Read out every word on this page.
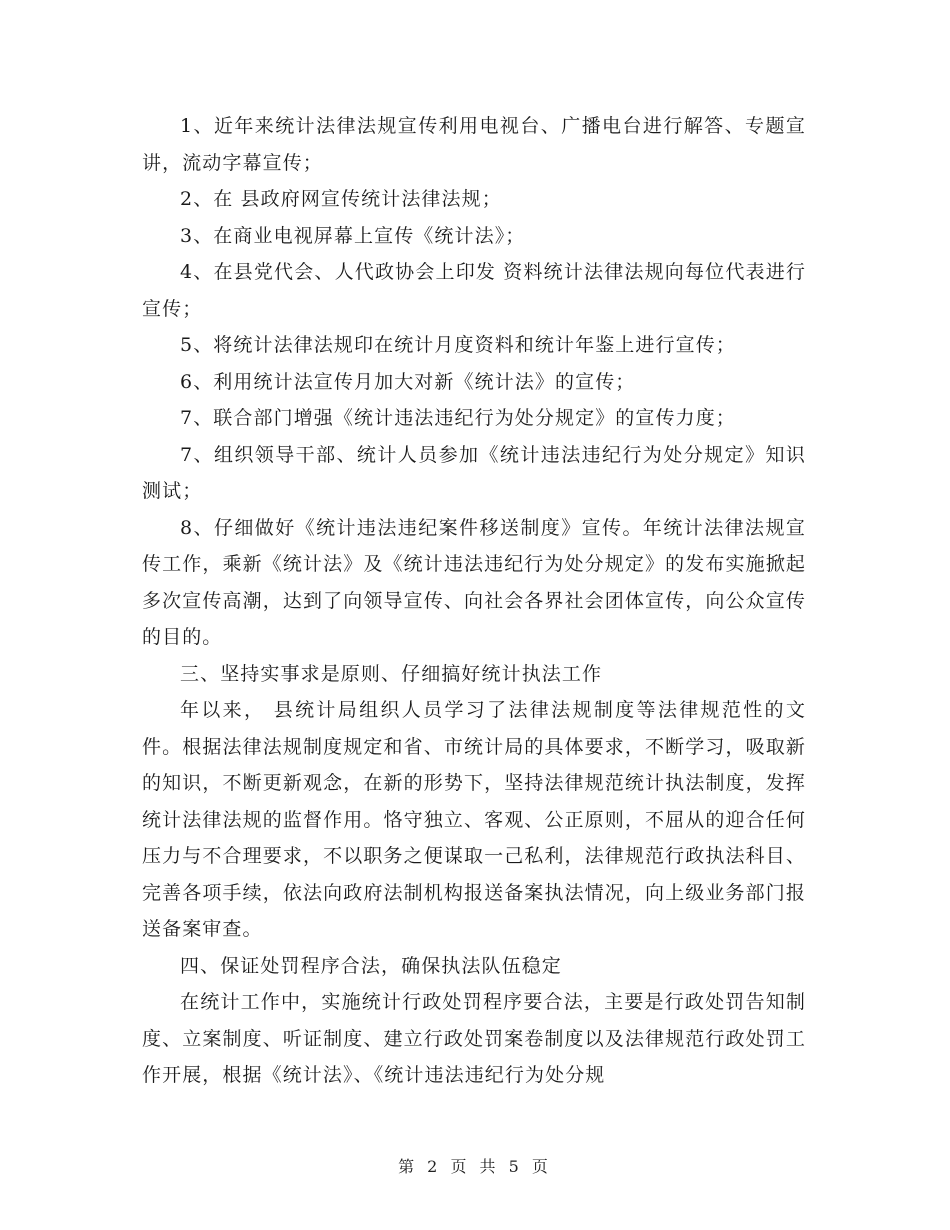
1、近年来统计法律法规宣传利用电视台、广播电台进行解答、专题宣讲，流动字幕宣传；

2、在 县政府网宣传统计法律法规；

3、在商业电视屏幕上宣传《统计法》；

4、在县党代会、人代政协会上印发 资料统计法律法规向每位代表进行宣传；

5、将统计法律法规印在统计月度资料和统计年鉴上进行宣传；

6、利用统计法宣传月加大对新《统计法》的宣传；

7、联合部门增强《统计违法违纪行为处分规定》的宣传力度；

7、组织领导干部、统计人员参加《统计违法违纪行为处分规定》知识测试；

8、仔细做好《统计违法违纪案件移送制度》宣传。年统计法律法规宣传工作，乘新《统计法》及《统计违法违纪行为处分规定》的发布实施掀起多次宣传高潮，达到了向领导宣传、向社会各界社会团体宣传，向公众宣传的目的。

三、坚持实事求是原则、仔细搞好统计执法工作

年以来， 县统计局组织人员学习了法律法规制度等法律规范性的文件。根据法律法规制度规定和省、市统计局的具体要求，不断学习，吸取新的知识，不断更新观念，在新的形势下，坚持法律规范统计执法制度，发挥统计法律法规的监督作用。恪守独立、客观、公正原则，不屈从的迎合任何压力与不合理要求，不以职务之便谋取一己私利，法律规范行政执法科目、完善各项手续，依法向政府法制机构报送备案执法情况，向上级业务部门报送备案审查。

四、保证处罚程序合法，确保执法队伍稳定

在统计工作中，实施统计行政处罚程序要合法，主要是行政处罚告知制度、立案制度、听证制度、建立行政处罚案卷制度以及法律规范行政处罚工作开展，根据《统计法》、《统计违法违纪行为处分规

第 2 页 共 5 页
